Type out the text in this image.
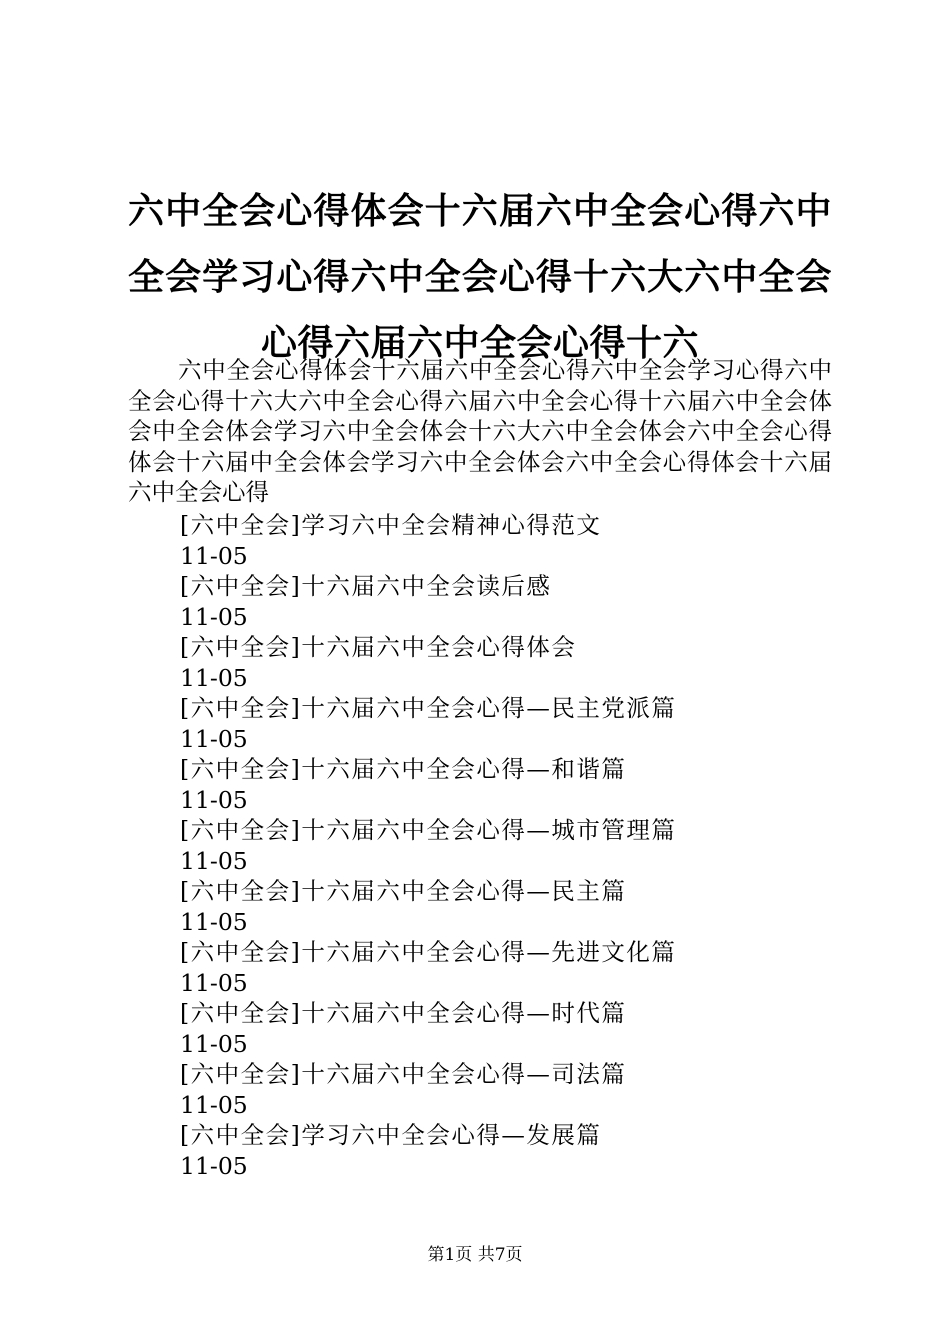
六中全会心得体会十六届六中全会心得六中全会学习心得六中全会心得十六大六中全会心得六届六中全会心得十六

六中全会心得体会十六届六中全会心得六中全会学习心得六中全会心得十六大六中全会心得六届六中全会心得十六届六中全会体会中全会体会学习六中全会体会十六大六中全会体会六中全会心得体会十六届中全会体会学习六中全会体会六中全会心得体会十六届六中全会心得

[六中全会]学习六中全会精神心得范文
11-05
[六中全会]十六届六中全会读后感
11-05
[六中全会]十六届六中全会心得体会
11-05
[六中全会]十六届六中全会心得—民主党派篇
11-05
[六中全会]十六届六中全会心得—和谐篇
11-05
[六中全会]十六届六中全会心得—城市管理篇
11-05
[六中全会]十六届六中全会心得—民主篇
11-05
[六中全会]十六届六中全会心得—先进文化篇
11-05
[六中全会]十六届六中全会心得—时代篇
11-05
[六中全会]十六届六中全会心得—司法篇
11-05
[六中全会]学习六中全会心得—发展篇
11-05
第1页 共7页
